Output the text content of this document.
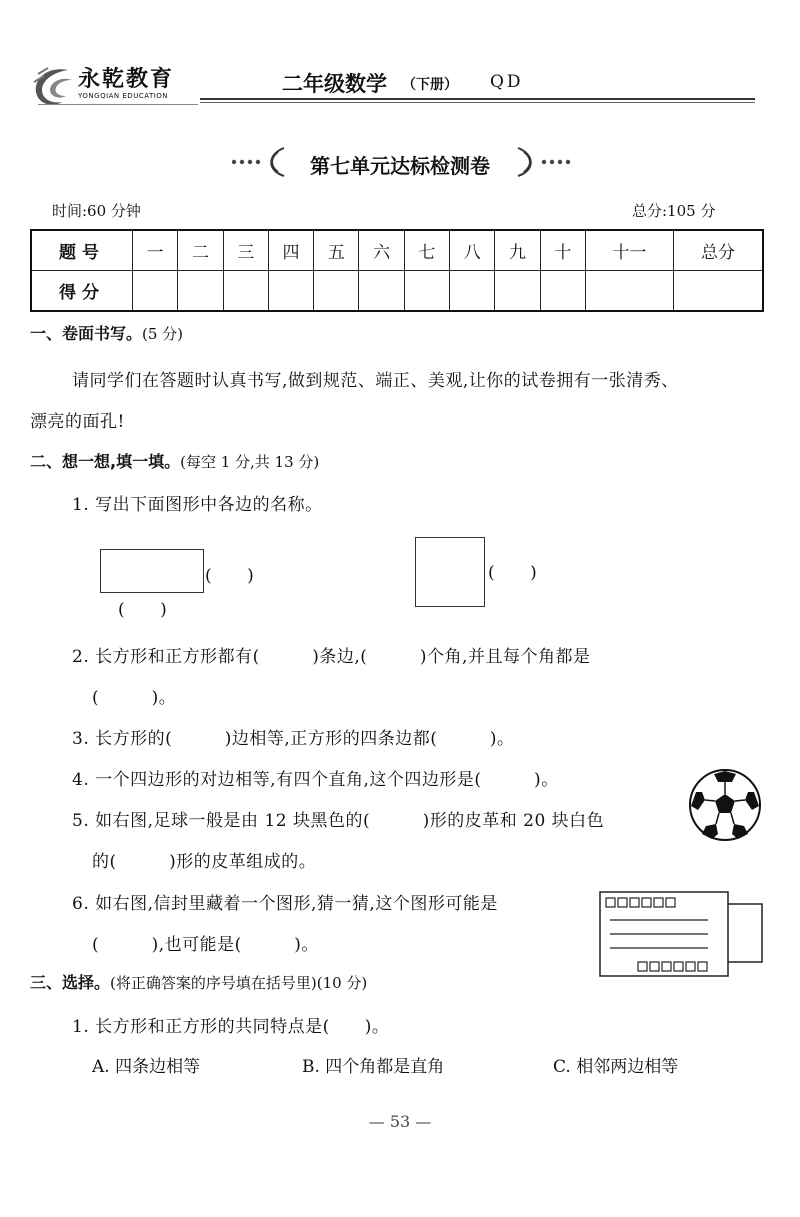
永乾教育
YONGQIAN EDUCATION	二年级数学 （下册） QD
第七单元达标检测卷
时间:60 分钟	总分:105 分
题号	一	二	三	四	五	六	七	八	九	十	十一	总分
得分												
一、卷面书写。(5 分)
请同学们在答题时认真书写,做到规范、端正、美观,让你的试卷拥有一张清秀、
漂亮的面孔!
二、想一想,填一填。(每空 1 分,共 13 分)
1. 写出下面图形中各边的名称。
(　　)
(　　)
(　　)
2. 长方形和正方形都有(　　　)条边,(　　　)个角,并且每个角都是
(　　　)。
3. 长方形的(　　　)边相等,正方形的四条边都(　　　)。
4. 一个四边形的对边相等,有四个直角,这个四边形是(　　　)。
5. 如右图,足球一般是由 12 块黑色的(　　　)形的皮革和 20 块白色
的(　　　)形的皮革组成的。
6. 如右图,信封里藏着一个图形,猜一猜,这个图形可能是
(　　　),也可能是(　　　)。
三、选择。(将正确答案的序号填在括号里)(10 分)
1. 长方形和正方形的共同特点是(　　)。
A. 四条边相等	B. 四个角都是直角	C. 相邻两边相等
— 53 —
